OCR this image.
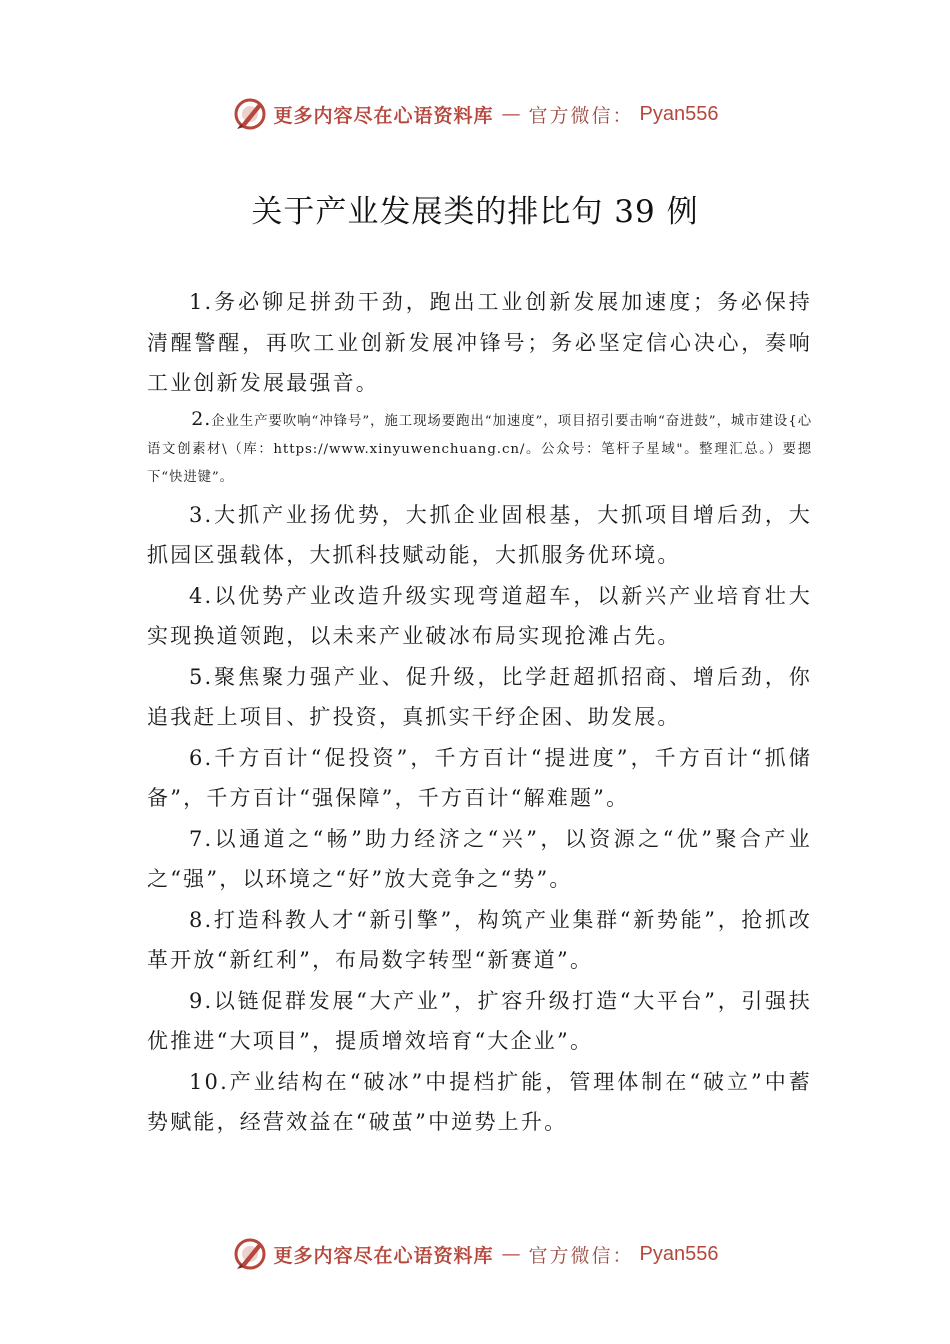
更多内容尽在心语资料库 — 官方微信： Pyan556
关于产业发展类的排比句 39 例

1.务必铆足拼劲干劲，跑出工业创新发展加速度；务必保持清醒警醒，再吹工业创新发展冲锋号；务必坚定信心决心，奏响工业创新发展最强音。

2.企业生产要吹响“冲锋号”，施工现场要跑出“加速度”，项目招引要击响“奋进鼓”，城市建设{心语文创素材\（库：https://www.xinyuwenchuang.cn/。公众号：笔杆子星域"。整理汇总。）要摁下“快进键”。

3.大抓产业扬优势，大抓企业固根基，大抓项目增后劲，大抓园区强载体，大抓科技赋动能，大抓服务优环境。

4.以优势产业改造升级实现弯道超车，以新兴产业培育壮大实现换道领跑，以未来产业破冰布局实现抢滩占先。

5.聚焦聚力强产业、促升级，比学赶超抓招商、增后劲，你追我赶上项目、扩投资，真抓实干纾企困、助发展。

6.千方百计“促投资”，千方百计“提进度”，千方百计“抓储备”，千方百计“强保障”，千方百计“解难题”。

7.以通道之“畅”助力经济之“兴”，以资源之“优”聚合产业之“强”，以环境之“好”放大竞争之“势”。

8.打造科教人才“新引擎”，构筑产业集群“新势能”，抢抓改革开放“新红利”，布局数字转型“新赛道”。

9.以链促群发展“大产业”，扩容升级打造“大平台”，引强扶优推进“大项目”，提质增效培育“大企业”。

10.产业结构在“破冰”中提档扩能，管理体制在“破立”中蓄势赋能，经营效益在“破茧”中逆势上升。

更多内容尽在心语资料库 — 官方微信： Pyan556
